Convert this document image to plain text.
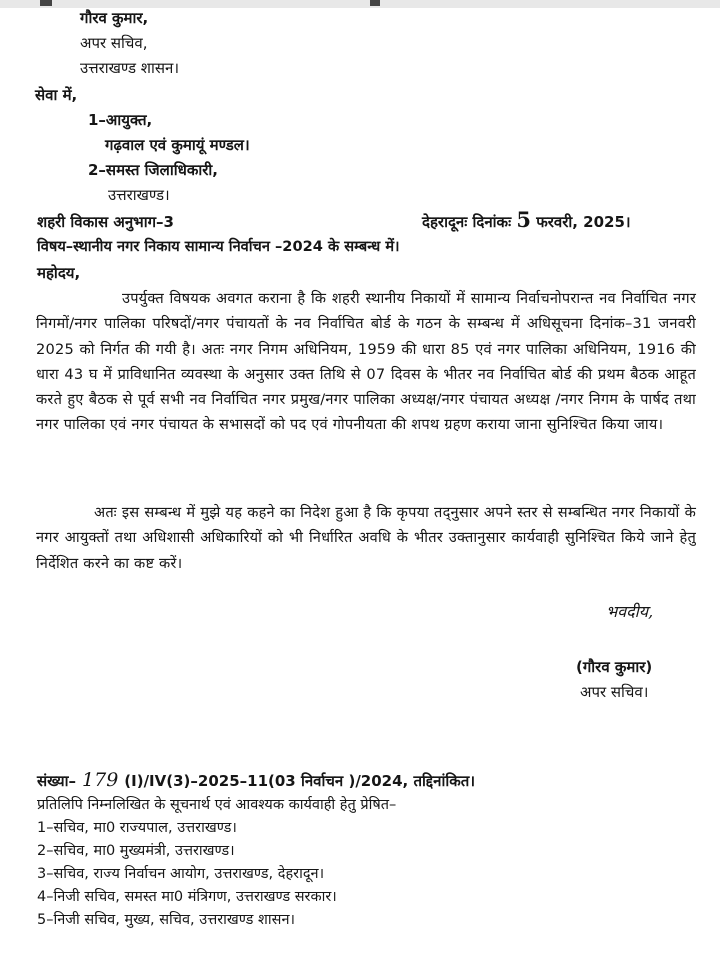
गौरव कुमार,
अपर सचिव,
उत्तराखण्ड शासन।
सेवा में,
1–आयुक्त,
गढ़वाल एवं कुमायूं मण्डल।
2–समस्त जिलाधिकारी,
उत्तराखण्ड।
शहरी विकास अनुभाग–3	देहरादूनः दिनांकः 5 फरवरी, 2025।
विषय–स्थानीय नगर निकाय सामान्य निर्वाचन –2024 के सम्बन्ध में।
महोदय,
उपर्युक्त विषयक अवगत कराना है कि शहरी स्थानीय निकायों में सामान्य निर्वाचनोपरान्त नव निर्वाचित नगर निगमों/नगर पालिका परिषदों/नगर पंचायतों के नव निर्वाचित बोर्ड के गठन के सम्बन्ध में अधिसूचना दिनांक–31 जनवरी 2025 को निर्गत की गयी है। अतः नगर निगम अधिनियम, 1959 की धारा 85 एवं नगर पालिका अधिनियम, 1916 की धारा 43 घ में प्राविधानित व्यवस्था के अनुसार उक्त तिथि से 07 दिवस के भीतर नव निर्वाचित बोर्ड की प्रथम बैठक आहूत करते हुए बैठक से पूर्व सभी नव निर्वाचित नगर प्रमुख/नगर पालिका अध्यक्ष/नगर पंचायत अध्यक्ष /नगर निगम के पार्षद तथा नगर पालिका एवं नगर पंचायत के सभासदों को पद एवं गोपनीयता की शपथ ग्रहण कराया जाना सुनिश्चित किया जाय।
अतः इस सम्बन्ध में मुझे यह कहने का निदेश हुआ है कि कृपया तद्नुसार अपने स्तर से सम्बन्धित नगर निकायों के नगर आयुक्तों तथा अधिशासी अधिकारियों को भी निर्धारित अवधि के भीतर उक्तानुसार कार्यवाही सुनिश्चित किये जाने हेतु निर्देशित करने का कष्ट करें।
भवदीय,
(गौरव कुमार)
अपर सचिव।
संख्या– 179 (I)/IV(3)–2025–11(03 निर्वाचन )/2024, तद्दिनांकित।
प्रतिलिपि निम्नलिखित के सूचनार्थ एवं आवश्यक कार्यवाही हेतु प्रेषित–
1–सचिव, मा0 राज्यपाल, उत्तराखण्ड।
2–सचिव, मा0 मुख्यमंत्री, उत्तराखण्ड।
3–सचिव, राज्य निर्वाचन आयोग, उत्तराखण्ड, देहरादून।
4–निजी सचिव, समस्त मा0 मंत्रिगण, उत्तराखण्ड सरकार।
5–निजी सचिव, मुख्य, सचिव, उत्तराखण्ड शासन।
